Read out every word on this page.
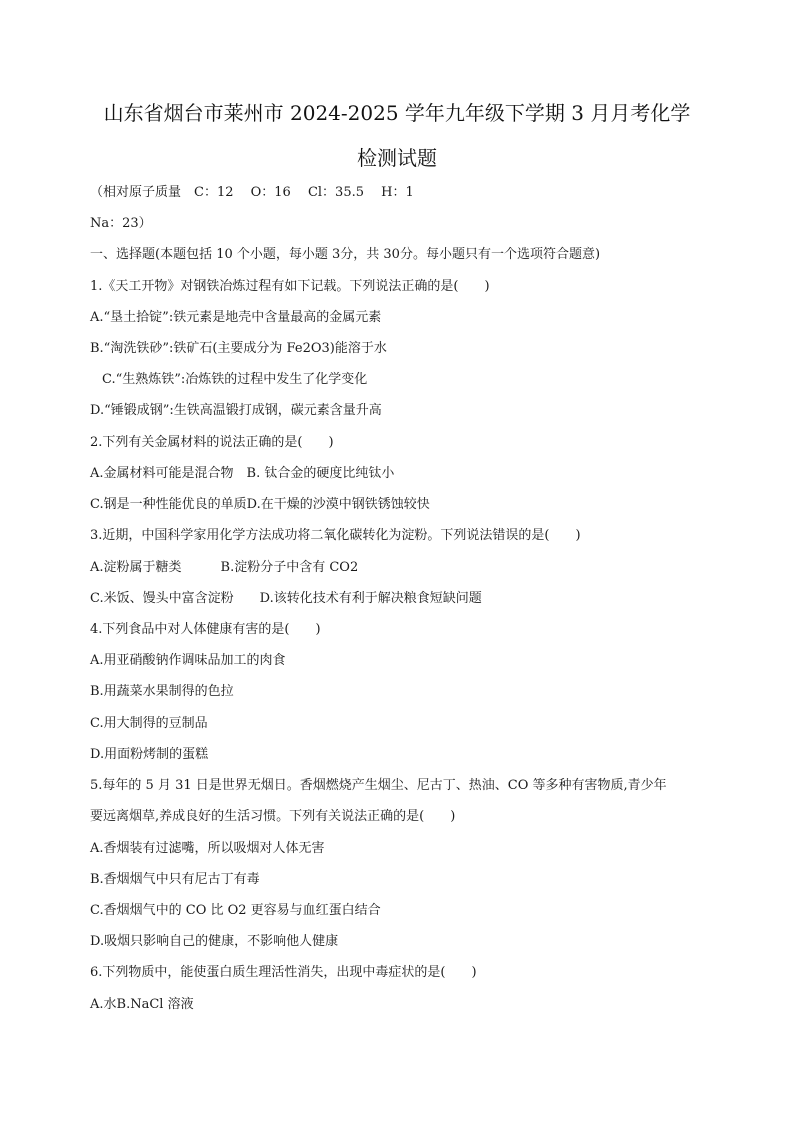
山东省烟台市莱州市 2024-2025 学年九年级下学期 3 月月考化学
检测试题
（相对原子质量　C：12　 O：16　 Cl：35.5　 H：1
Na：23）
一、选择题(本题包括 10 个小题，每小题 3分，共 30分。每小题只有一个选项符合题意)
1.《天工开物》对钢铁冶炼过程有如下记载。下列说法正确的是(　　)
A.“垦土拾锭”:铁元素是地壳中含量最高的金属元素
B.“淘洗铁砂”:铁矿石(主要成分为 Fe2O3)能溶于水
C.“生熟炼铁”:冶炼铁的过程中发生了化学变化
D.“锤锻成钢”:生铁高温锻打成钢，碳元素含量升高
2.下列有关金属材料的说法正确的是(　　)
A.金属材料可能是混合物　B. 钛合金的硬度比纯钛小
C.钢是一种性能优良的单质D.在干燥的沙漠中钢铁锈蚀较快
3.近期，中国科学家用化学方法成功将二氧化碳转化为淀粉。下列说法错误的是(　　)
A.淀粉属于糖类　　　B.淀粉分子中含有 CO2
C.米饭、馒头中富含淀粉　　D.该转化技术有利于解决粮食短缺问题
4.下列食品中对人体健康有害的是(　　)
A.用亚硝酸钠作调味品加工的肉食
B.用蔬菜水果制得的色拉
C.用大制得的豆制品
D.用面粉烤制的蛋糕
5.每年的 5 月 31 日是世界无烟日。香烟燃烧产生烟尘、尼古丁、热油、CO 等多种有害物质,青少年
要远离烟草,养成良好的生活习惯。下列有关说法正确的是(　　)
A.香烟装有过滤嘴，所以吸烟对人体无害
B.香烟烟气中只有尼古丁有毒
C.香烟烟气中的 CO 比 O2 更容易与血红蛋白结合
D.吸烟只影响自己的健康，不影响他人健康
6.下列物质中，能使蛋白质生理活性消失，出现中毒症状的是(　　)
A.水B.NaCl 溶液
